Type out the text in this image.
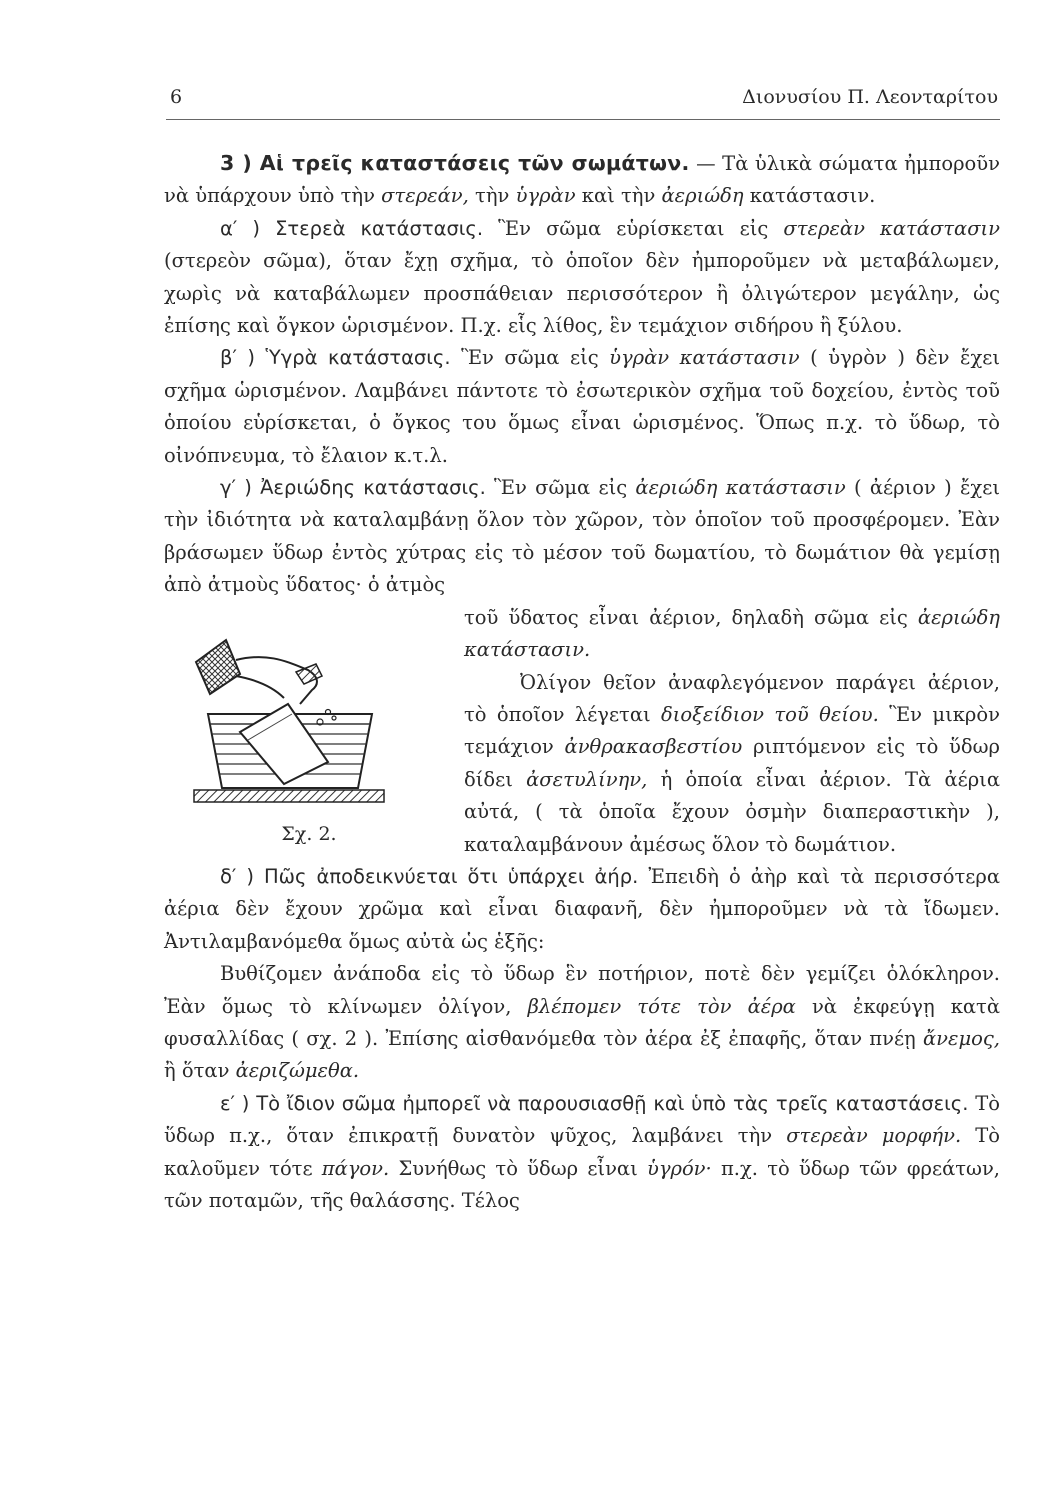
6	Διονυσίου Π. Λεονταρίτου

3 ) Αἱ τρεῖς καταστάσεις τῶν σωμάτων. — Τὰ ὑλικὰ σώματα ἠμποροῦν νὰ ὑπάρχουν ὑπὸ τὴν στερεάν, τὴν ὑγρὰν καὶ τὴν ἀεριώδη κατάστασιν.

α′ ) Στερεὰ κατάστασις. Ἓν σῶμα εὑρίσκεται εἰς στερεὰν κατάστασιν (στερεὸν σῶμα), ὅταν ἔχῃ σχῆμα, τὸ ὁποῖον δὲν ἠμποροῦμεν νὰ μεταβάλωμεν, χωρὶς νὰ καταβάλωμεν προσπάθειαν περισσότερον ἢ ὀλιγώτερον μεγάλην, ὡς ἐπίσης καὶ ὄγκον ὡρισμένον. Π.χ. εἷς λίθος, ἓν τεμάχιον σιδήρου ἢ ξύλου.

β′ ) Ὑγρὰ κατάστασις. Ἓν σῶμα εἰς ὑγρὰν κατάστασιν ( ὑγρὸν ) δὲν ἔχει σχῆμα ὡρισμένον. Λαμβάνει πάντοτε τὸ ἐσωτερικὸν σχῆμα τοῦ δοχείου, ἐντὸς τοῦ ὁποίου εὑρίσκεται, ὁ ὄγκος του ὅμως εἶναι ὡρισμένος. Ὅπως π.χ. τὸ ὕδωρ, τὸ οἰνόπνευμα, τὸ ἔλαιον κ.τ.λ.

γ′ ) Ἀεριώδης κατάστασις. Ἓν σῶμα εἰς ἀεριώδη κατάστασιν ( ἀέριον ) ἔχει τὴν ἰδιότητα νὰ καταλαμβάνῃ ὅλον τὸν χῶρον, τὸν ὁποῖον τοῦ προσφέρομεν. Ἐὰν βράσωμεν ὕδωρ ἐντὸς χύτρας εἰς τὸ μέσον τοῦ δωματίου, τὸ δωμάτιον θὰ γεμίσῃ ἀπὸ ἀτμοὺς ὕδατος· ὁ ἀτμὸς

Σχ. 2.

τοῦ ὕδατος εἶναι ἀέριον, δηλαδὴ σῶμα εἰς ἀεριώδη κατάστασιν.

Ὀλίγον θεῖον ἀναφλεγόμενον παράγει ἀέριον, τὸ ὁποῖον λέγεται διοξείδιον τοῦ θείου. Ἓν μικρὸν τεμάχιον ἀνθρακασβεστίου ριπτόμενον εἰς τὸ ὕδωρ δίδει ἀσετυλίνην, ἡ ὁποία εἶναι ἀέριον. Τὰ ἀέρια αὐτά, ( τὰ ὁποῖα ἔχουν ὀσμὴν διαπεραστικὴν ), καταλαμβάνουν ἀμέσως ὅλον τὸ δωμάτιον.

δ′ ) Πῶς ἀποδεικνύεται ὅτι ὑπάρχει ἀήρ. Ἐπειδὴ ὁ ἀὴρ καὶ τὰ περισσότερα ἀέρια δὲν ἔχουν χρῶμα καὶ εἶναι διαφανῆ, δὲν ἠμποροῦμεν νὰ τὰ ἴδωμεν. Ἀντιλαμβανόμεθα ὅμως αὐτὰ ὡς ἑξῆς:

Βυθίζομεν ἀνάποδα εἰς τὸ ὕδωρ ἓν ποτήριον, ποτὲ δὲν γεμίζει ὁλόκληρον. Ἐὰν ὅμως τὸ κλίνωμεν ὀλίγον, βλέπομεν τότε τὸν ἀέρα νὰ ἐκφεύγῃ κατὰ φυσαλλίδας ( σχ. 2 ). Ἐπίσης αἰσθανόμεθα τὸν ἀέρα ἐξ ἐπαφῆς, ὅταν πνέῃ ἄνεμος, ἢ ὅταν ἀεριζώμεθα.

ε′ ) Τὸ ἴδιον σῶμα ἠμπορεῖ νὰ παρουσιασθῇ καὶ ὑπὸ τὰς τρεῖς καταστάσεις. Τὸ ὕδωρ π.χ., ὅταν ἐπικρατῇ δυνατὸν ψῦχος, λαμβάνει τὴν στερεὰν μορφήν. Τὸ καλοῦμεν τότε πάγον. Συνήθως τὸ ὕδωρ εἶναι ὑγρόν· π.χ. τὸ ὕδωρ τῶν φρεάτων, τῶν ποταμῶν, τῆς θαλάσσης. Τέλος
